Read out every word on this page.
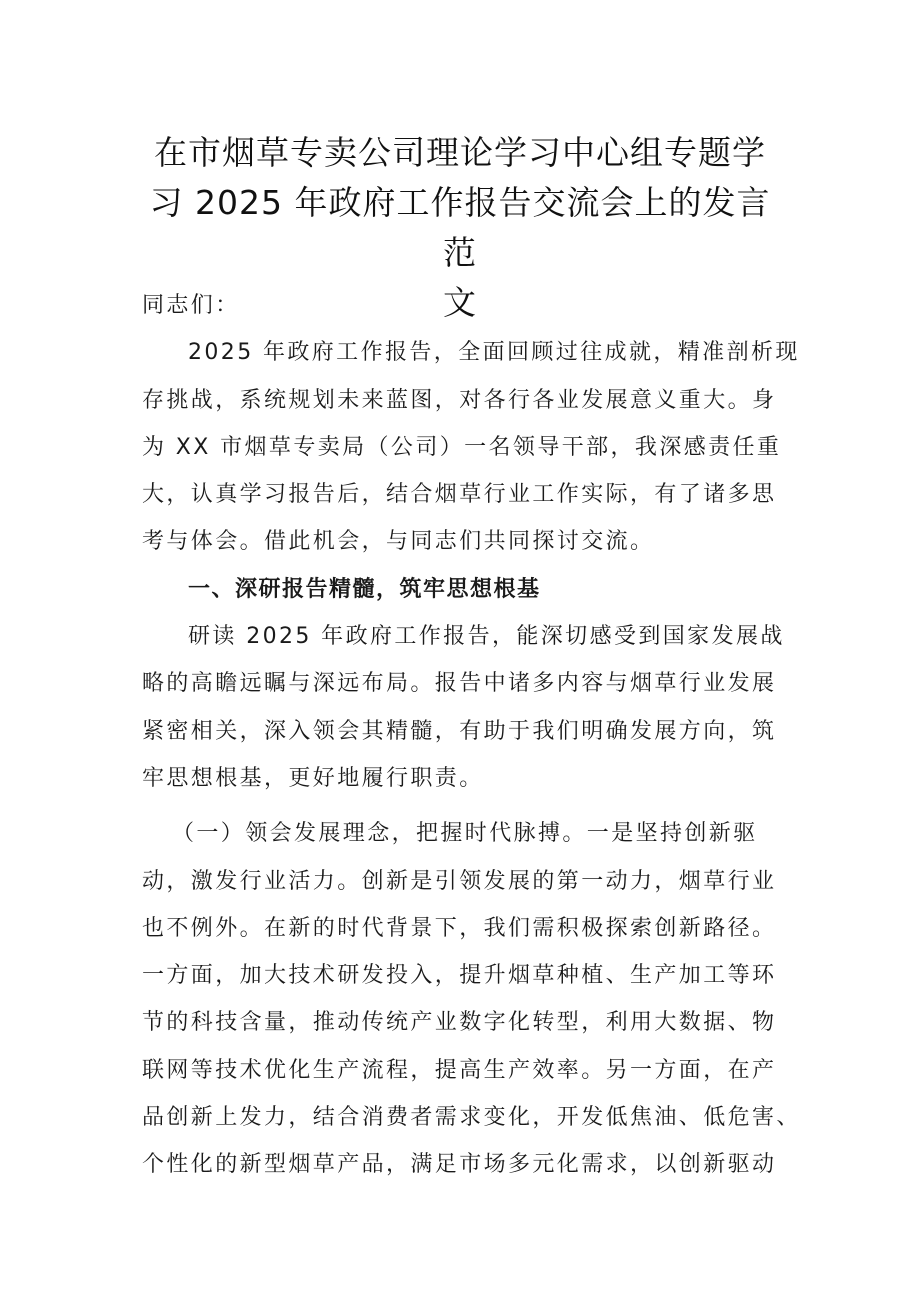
在市烟草专卖公司理论学习中心组专题学
习 2025 年政府工作报告交流会上的发言范
文
同志们：
2025 年政府工作报告，全面回顾过往成就，精准剖析现
存挑战，系统规划未来蓝图，对各行各业发展意义重大。身
为 XX 市烟草专卖局（公司）一名领导干部，我深感责任重
大，认真学习报告后，结合烟草行业工作实际，有了诸多思
考与体会。借此机会，与同志们共同探讨交流。
一、深研报告精髓，筑牢思想根基
研读 2025 年政府工作报告，能深切感受到国家发展战
略的高瞻远瞩与深远布局。报告中诸多内容与烟草行业发展
紧密相关，深入领会其精髓，有助于我们明确发展方向，筑
牢思想根基，更好地履行职责。
（一）领会发展理念，把握时代脉搏。一是坚持创新驱
动，激发行业活力。创新是引领发展的第一动力，烟草行业
也不例外。在新的时代背景下，我们需积极探索创新路径。
一方面，加大技术研发投入，提升烟草种植、生产加工等环
节的科技含量，推动传统产业数字化转型，利用大数据、物
联网等技术优化生产流程，提高生产效率。另一方面，在产
品创新上发力，结合消费者需求变化，开发低焦油、低危害、
个性化的新型烟草产品，满足市场多元化需求，以创新驱动
